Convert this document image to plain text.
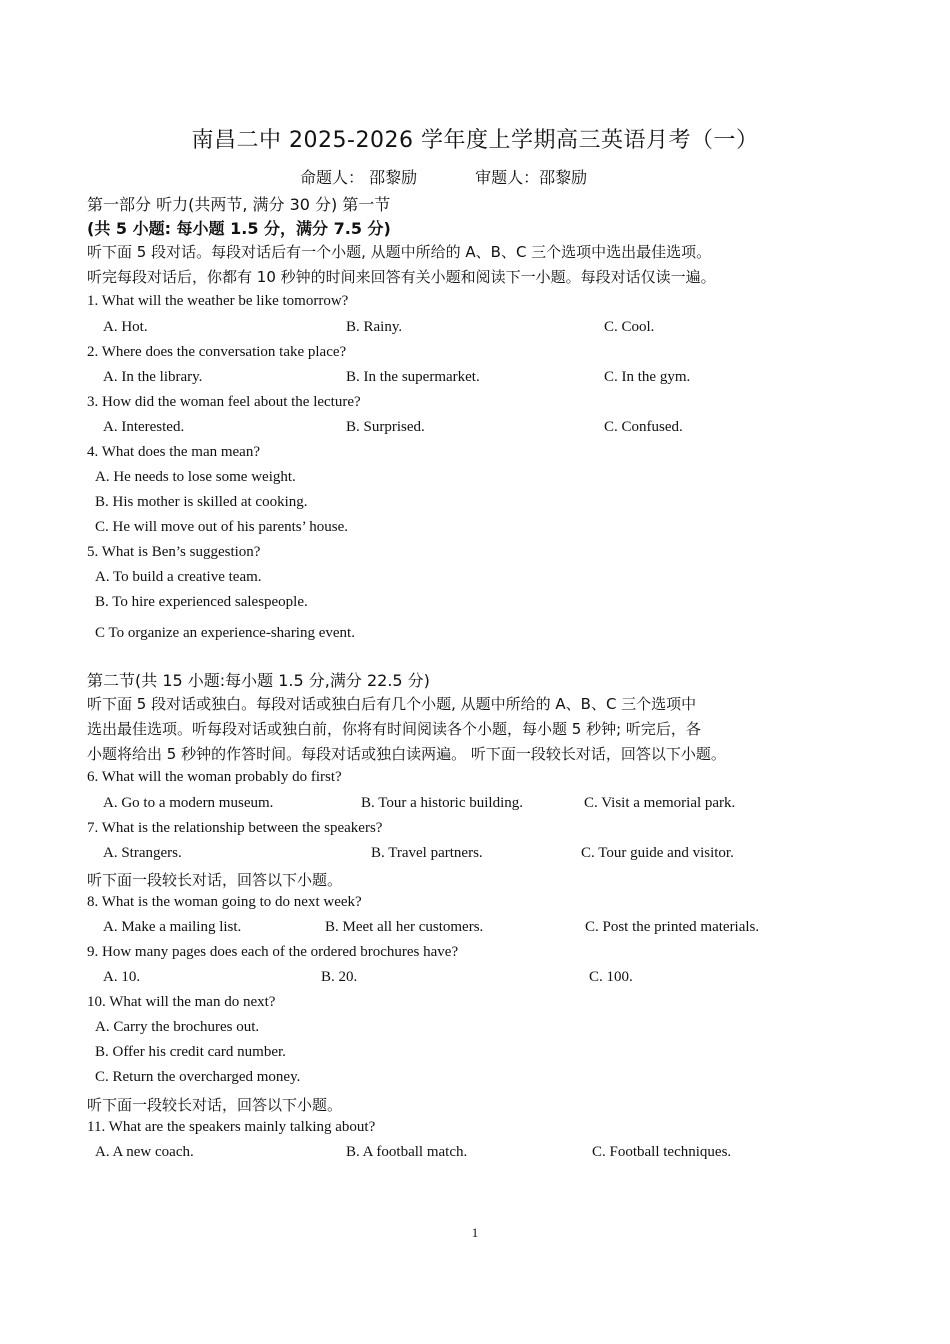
南昌二中 2025-2026 学年度上学期高三英语月考（一）
命题人： 邵黎励	审题人：邵黎励
第一部分 听力(共两节, 满分 30 分) 第一节
(共 5 小题: 每小题 1.5 分，满分 7.5 分)
听下面 5 段对话。每段对话后有一个小题, 从题中所给的 A、B、C 三个选项中选出最佳选项。
听完每段对话后，你都有 10 秒钟的时间来回答有关小题和阅读下一小题。每段对话仅读一遍。
1. What will the weather be like tomorrow?
A. Hot.	B. Rainy.	C. Cool.
2. Where does the conversation take place?
A. In the library.	B. In the supermarket.	C. In the gym.
3. How did the woman feel about the lecture?
A. Interested.	B. Surprised.	C. Confused.
4. What does the man mean?
A. He needs to lose some weight.
B. His mother is skilled at cooking.
C. He will move out of his parents’ house.
5. What is Ben’s suggestion?
A. To build a creative team.
B. To hire experienced salespeople.
C To organize an experience-sharing event.
第二节(共 15 小题:每小题 1.5 分,满分 22.5 分)
听下面 5 段对话或独白。每段对话或独白后有几个小题, 从题中所给的 A、B、C 三个选项中
选出最佳选项。听每段对话或独白前，你将有时间阅读各个小题，每小题 5 秒钟; 听完后，各
小题将给出 5 秒钟的作答时间。每段对话或独白读两遍。 听下面一段较长对话，回答以下小题。
6. What will the woman probably do first?
A. Go to a modern museum.	B. Tour a historic building.	C. Visit a memorial park.
7. What is the relationship between the speakers?
A. Strangers.	B. Travel partners.	C. Tour guide and visitor.
听下面一段较长对话，回答以下小题。
8. What is the woman going to do next week?
A. Make a mailing list.	B. Meet all her customers.	C. Post the printed materials.
9. How many pages does each of the ordered brochures have?
A. 10.	B. 20.	C. 100.
10. What will the man do next?
A. Carry the brochures out.
B. Offer his credit card number.
C. Return the overcharged money.
听下面一段较长对话，回答以下小题。
11. What are the speakers mainly talking about?
A. A new coach.	B. A football match.	C. Football techniques.
1
